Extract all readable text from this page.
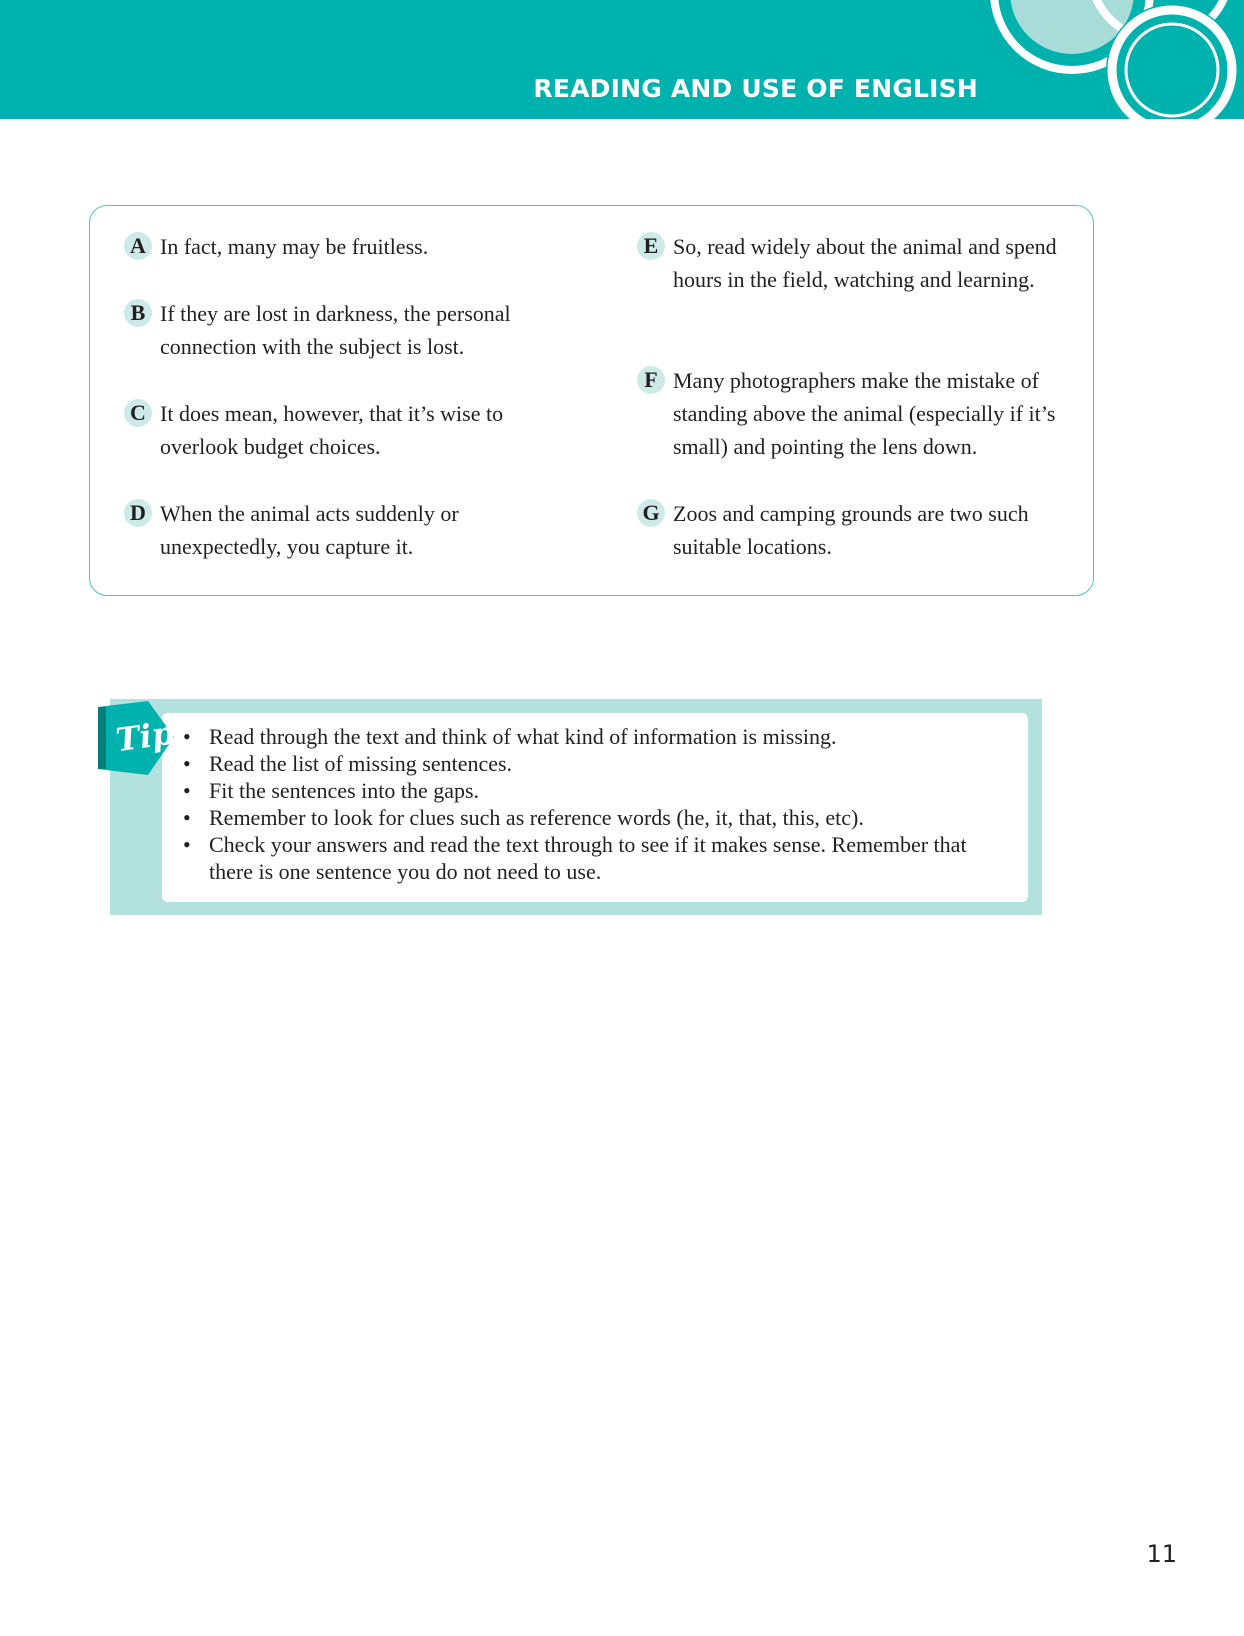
READING AND USE OF ENGLISH
A In fact, many may be fruitless.
B If they are lost in darkness, the personal connection with the subject is lost.
C It does mean, however, that it’s wise to overlook budget choices.
D When the animal acts suddenly or unexpectedly, you capture it.
E So, read widely about the animal and spend hours in the field, watching and learning.
F Many photographers make the mistake of standing above the animal (especially if it’s small) and pointing the lens down.
G Zoos and camping grounds are two such suitable locations.
Tip • Read through the text and think of what kind of information is missing.
• Read the list of missing sentences.
• Fit the sentences into the gaps.
• Remember to look for clues such as reference words (he, it, that, this, etc).
• Check your answers and read the text through to see if it makes sense. Remember that there is one sentence you do not need to use.
11
